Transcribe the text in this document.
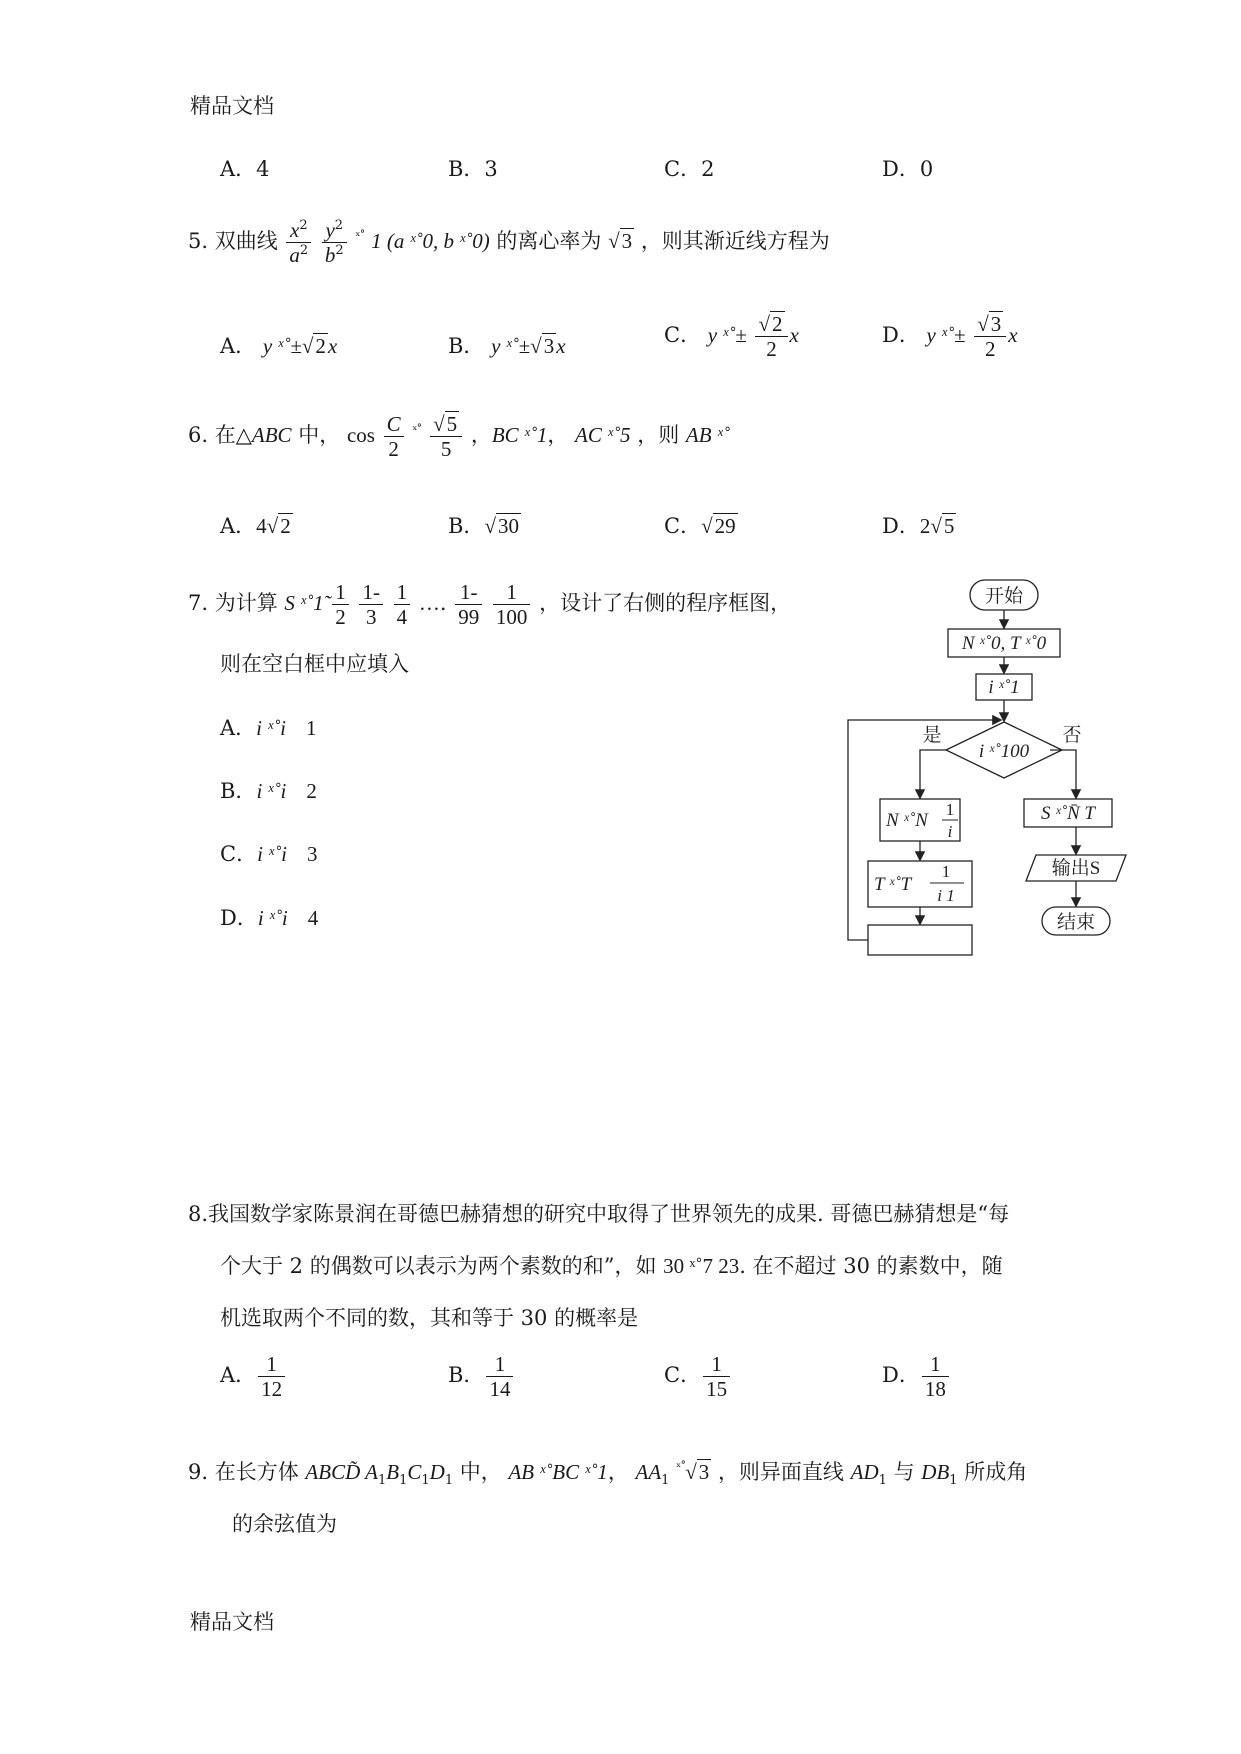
精品文档
精品文档
A．4	B．3	C．2	D．0
5. 双曲线 $\frac{x^2}{a^2}$
$\frac{y^2}{b^2} ^{ˣ˚}$ 1 (a ˣ˚0, b ˣ˚0) 的离心率为 √3 ，则其渐近线方程为
A． y ˣ˚±√2x	B． y ˣ˚±√3x	C． y ˣ˚± $\frac{√2}{2}$ x	D． y ˣ˚± $\frac{√3}{2}$ x
6. 在△ABC 中， $\cos \frac{C}{2} ^{ˣ˚} \frac{√5}{5}$ ，BC ˣ˚1， AC ˣ˚5 ，则 AB ˣ˚
A．4√2	B．√30	C．√29	D．2√5
7. 为计算 S ˣ˚1̃ $\frac{1}{2}$
$\frac{1-}{3}$
$\frac{1}{4}$ …. $\frac{1-}{99}$
$\frac{1}{100}$ ，设计了右侧的程序框图，
则在空白框中应填入
A．i ˣ˚i 1
B．i ˣ˚i 2
C．i ˣ˚i 3
D．i ˣ˚i 4
开始
N ˣ˚0, T ˣ˚0
i ˣ˚1
i ˣ˚100
是	否
N ˣ˚N
1
i
T ˣ˚T
1
i 1
S ˣ˚N̄ T
输出S
结束
8.我国数学家陈景润在哥德巴赫猜想的研究中取得了世界领先的成果. 哥德巴赫猜想是“每
个大于 2 的偶数可以表示为两个素数的和”，如 30 ˣ˚7 23. 在不超过 30 的素数中，随
机选取两个不同的数，其和等于 30 的概率是
A． $\frac{1}{12}$	B． $\frac{1}{14}$	C． $\frac{1}{15}$	D． $\frac{1}{18}$
9. 在长方体 ABCD̃ $A_1B_1C_1D_1$ 中， AB ˣ˚BC ˣ˚1， $AA_1$ $^{ˣ˚}$√3 ，则异面直线 $AD_1$ 与 $DB_1$ 所成角
的余弦值为
